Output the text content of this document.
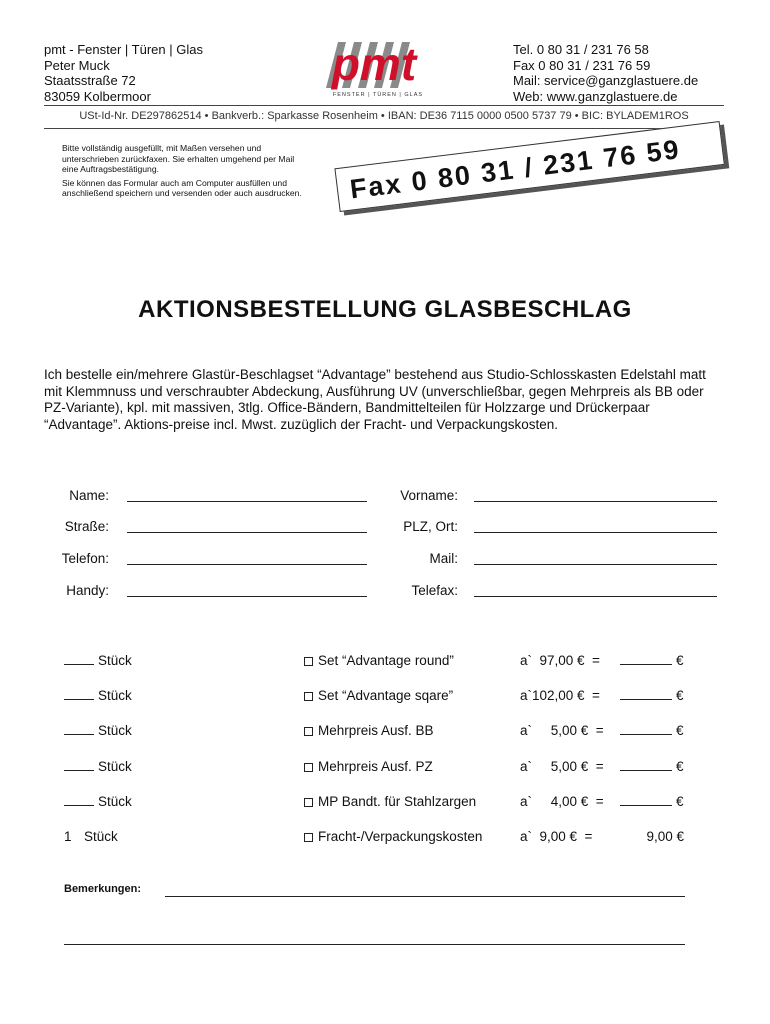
pmt - Fenster | Türen | Glas
Peter Muck
Staatsstraße 72
83059 Kolbermoor
pmt
FENSTER | TÜREN | GLAS
Tel. 0 80 31 / 231 76 58
Fax 0 80 31 / 231 76 59
Mail: service@ganzglastuere.de
Web: www.ganzglastuere.de
USt-Id-Nr. DE297862514 • Bankverb.: Sparkasse Rosenheim • IBAN: DE36 7115 0000 0500 5737 79 • BIC: BYLADEM1ROS

Bitte vollständig ausgefüllt, mit Maßen versehen und unterschrieben zurückfaxen. Sie erhalten umgehend per Mail eine Auftragsbestätigung.

Sie können das Formular auch am Computer ausfüllen und anschließend speichern und versenden oder auch ausdrucken.	Fax 0 80 31 / 231 76 59
AKTIONSBESTELLUNG GLASBESCHLAG
Ich bestelle ein/mehrere Glastür-Beschlagset “Advantage” bestehend aus Studio-Schlosskasten Edelstahl matt mit Klemmnuss und verschraubter Abdeckung, Ausführung UV (unverschließbar, gegen Mehrpreis als BB oder PZ-Variante), kpl. mit massiven, 3tlg. Office-Bändern, Bandmittelteilen für Holzzarge und Drückerpaar “Advantage”. Aktions-preise incl. Mwst. zuzüglich der Fracht- und Verpackungskosten.
Name:	Vorname:
Straße:	PLZ, Ort:
Telefon:	Mail:
Handy:	Telefax:
Stück	Set “Advantage round”	a`  97,00 €  =	€
Stück	Set “Advantage sqare”	a`102,00 €  =	€
Stück	Mehrpreis Ausf. BB	a`     5,00 €  =	€
Stück	Mehrpreis Ausf. PZ	a`     5,00 €  =	€
Stück	MP Bandt. für Stahlzargen	a`     4,00 €  =	€
1 Stück	Fracht-/Verpackungskosten	a`  9,00 €  =	9,00 €
Bemerkungen:
